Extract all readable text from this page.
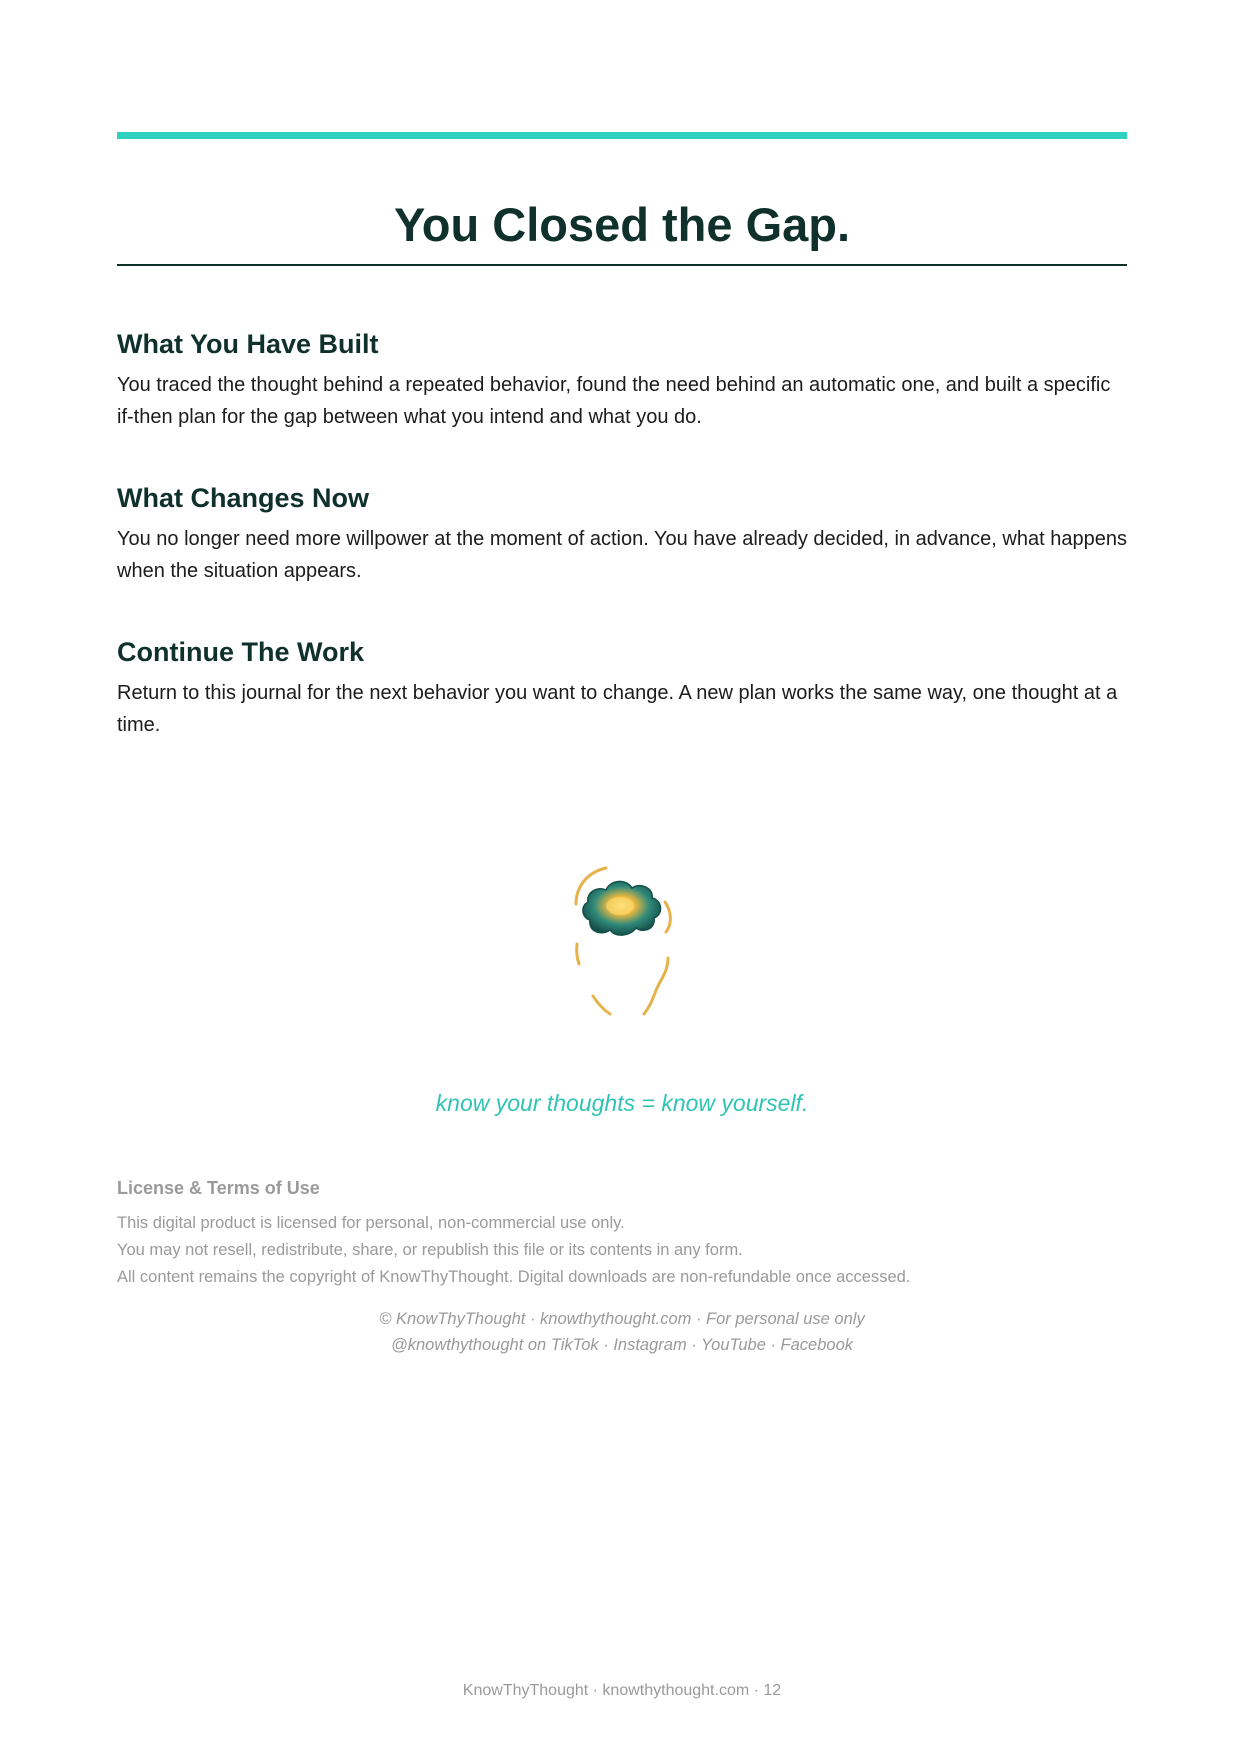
You Closed the Gap.
What You Have Built

You traced the thought behind a repeated behavior, found the need behind an automatic one, and built a specific if-then plan for the gap between what you intend and what you do.

What Changes Now

You no longer need more willpower at the moment of action. You have already decided, in advance, what happens when the situation appears.

Continue The Work

Return to this journal for the next behavior you want to change. A new plan works the same way, one thought at a time.

know your thoughts = know yourself.
License & Terms of Use
This digital product is licensed for personal, non-commercial use only.
You may not resell, redistribute, share, or republish this file or its contents in any form.
All content remains the copyright of KnowThyThought. Digital downloads are non-refundable once accessed.
© KnowThyThought · knowthythought.com · For personal use only
@knowthythought on TikTok · Instagram · YouTube · Facebook
KnowThyThought · knowthythought.com · 12
